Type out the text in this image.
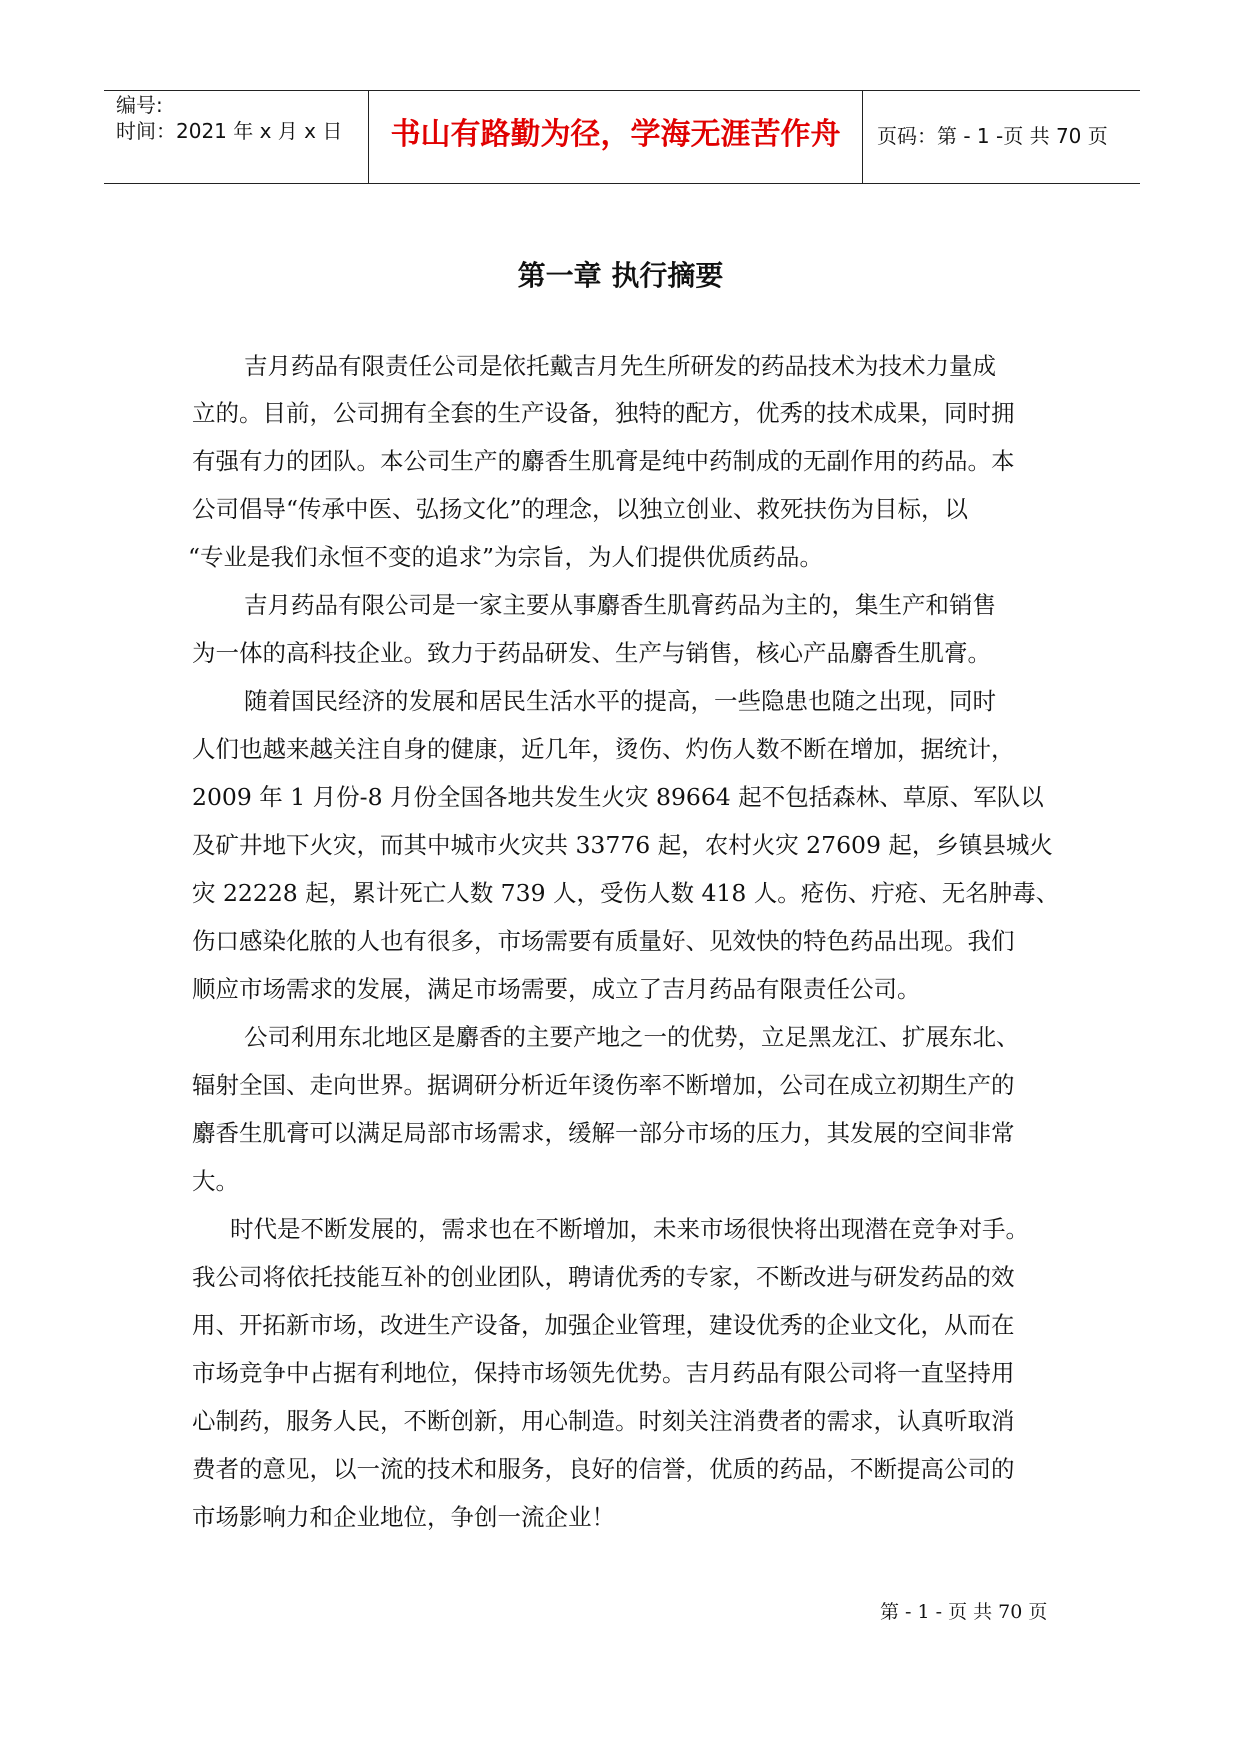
编号:
时间：2021 年 x 月 x 日	书山有路勤为径，学海无涯苦作舟	页码：第 - 1 -页 共 70 页
第一章 执行摘要
吉月药品有限责任公司是依托戴吉月先生所研发的药品技术为技术力量成
立的。目前，公司拥有全套的生产设备，独特的配方，优秀的技术成果，同时拥
有强有力的团队。本公司生产的麝香生肌膏是纯中药制成的无副作用的药品。本
公司倡导“传承中医、弘扬文化”的理念，以独立创业、救死扶伤为目标，以
“专业是我们永恒不变的追求”为宗旨，为人们提供优质药品。
吉月药品有限公司是一家主要从事麝香生肌膏药品为主的，集生产和销售
为一体的高科技企业。致力于药品研发、生产与销售，核心产品麝香生肌膏。
随着国民经济的发展和居民生活水平的提高，一些隐患也随之出现，同时
人们也越来越关注自身的健康，近几年，烫伤、灼伤人数不断在增加，据统计，
2009 年 1 月份-8 月份全国各地共发生火灾 89664 起不包括森林、草原、军队以
及矿井地下火灾，而其中城市火灾共 33776 起，农村火灾 27609 起，乡镇县城火
灾 22228 起，累计死亡人数 739 人，受伤人数 418 人。疮伤、疔疮、无名肿毒、
伤口感染化脓的人也有很多，市场需要有质量好、见效快的特色药品出现。我们
顺应市场需求的发展，满足市场需要，成立了吉月药品有限责任公司。
公司利用东北地区是麝香的主要产地之一的优势，立足黑龙江、扩展东北、
辐射全国、走向世界。据调研分析近年烫伤率不断增加，公司在成立初期生产的
麝香生肌膏可以满足局部市场需求，缓解一部分市场的压力，其发展的空间非常
大。
时代是不断发展的，需求也在不断增加，未来市场很快将出现潜在竞争对手。
我公司将依托技能互补的创业团队，聘请优秀的专家，不断改进与研发药品的效
用、开拓新市场，改进生产设备，加强企业管理，建设优秀的企业文化，从而在
市场竞争中占据有利地位，保持市场领先优势。吉月药品有限公司将一直坚持用
心制药，服务人民，不断创新，用心制造。时刻关注消费者的需求，认真听取消
费者的意见，以一流的技术和服务，良好的信誉，优质的药品，不断提高公司的
市场影响力和企业地位，争创一流企业！
第 - 1 - 页 共 70 页
